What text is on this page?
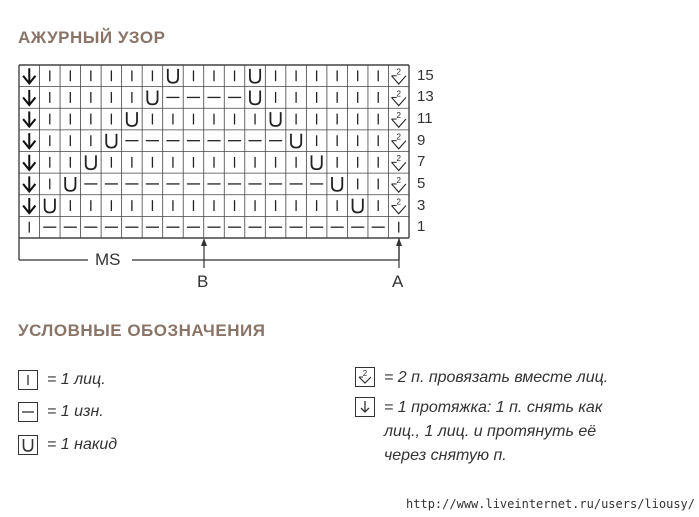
АЖУРНЫЙ УЗОР
2
2
2
2
2
2
2
15
13
11
9
7
5
3
1
MS
B	A
УСЛОВНЫЕ ОБОЗНАЧЕНИЯ
= 1 лиц.
= 1 изн.
= 1 накид
2 = 2 п. провязать вместе лиц.
= 1 протяжка: 1 п. снять как
лиц., 1 лиц. и протянуть её
через снятую п.
http://www.liveinternet.ru/users/liousy/
